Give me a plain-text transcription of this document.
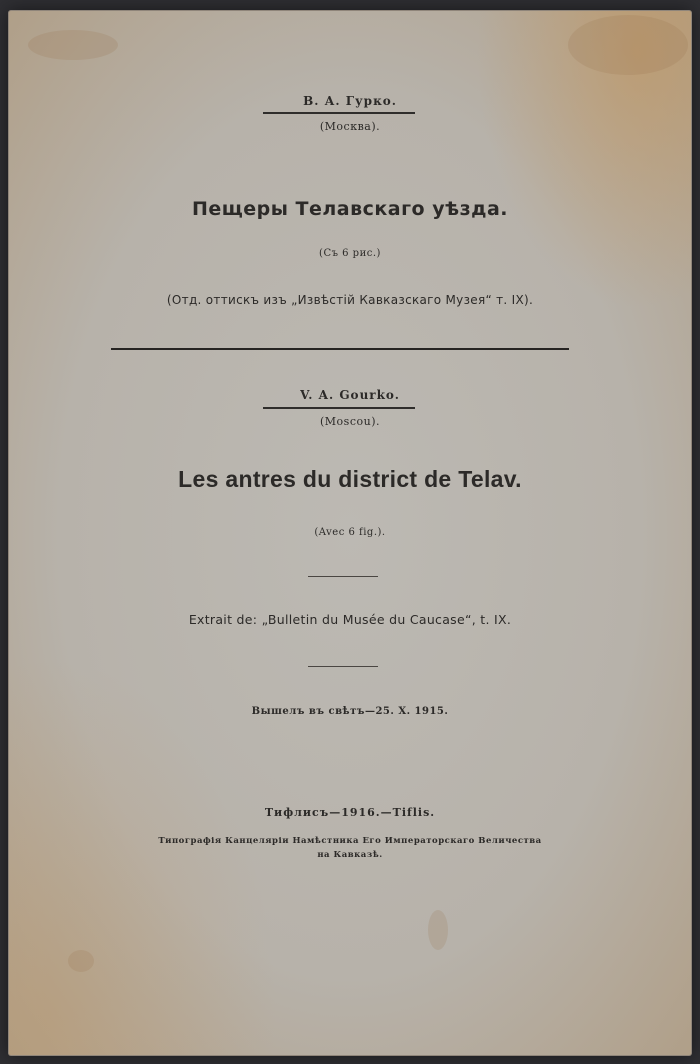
В. А. Гурко.
(Москва).
Пещеры Телавскаго уѣзда.
(Съ 6 рис.)
(Отд. оттискъ изъ „Извѣстій Кавказскаго Музея“ т. IX).
V. A. Gourko.
(Moscou).
Les antres du district de Telav.
(Avec 6 fig.).
Extrait de: „Bulletin du Musée du Caucase“, t. IX.
Вышелъ въ свѣтъ—25. X. 1915.
Тифлисъ—1916.—Tiflis.
Типографія Канцеляріи Намѣстника Его Императорскаго Величества
на Кавказѣ.
